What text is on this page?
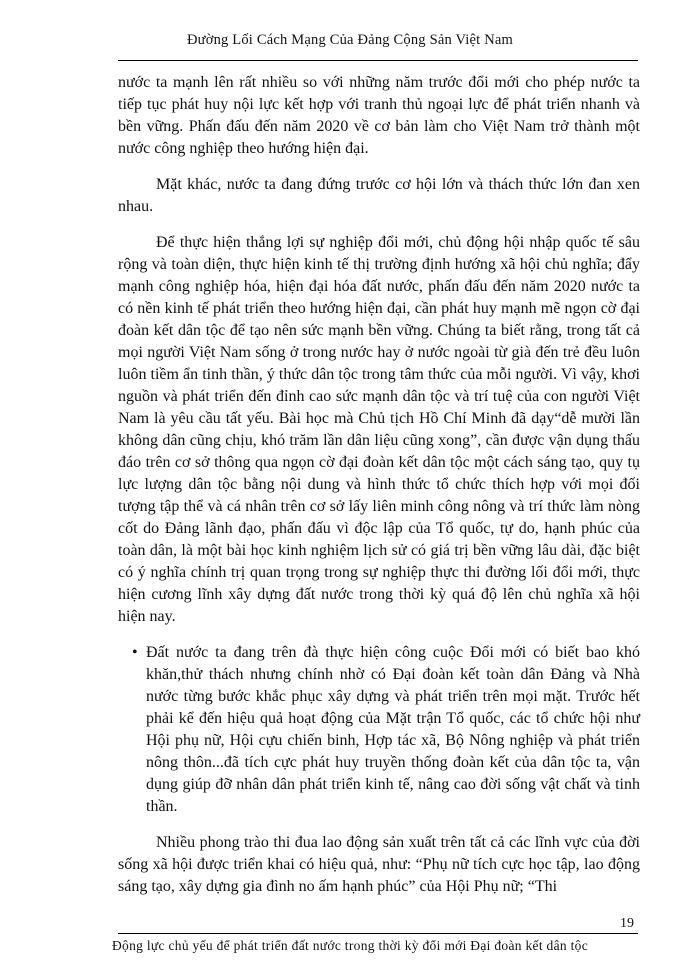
Đường Lối Cách Mạng Của Đảng Cộng Sản Việt Nam

nước ta mạnh lên rất nhiều so với những năm trước đổi mới cho phép nước ta tiếp tục phát huy nội lực kết hợp với tranh thủ ngoại lực để phát triển nhanh và bền vững. Phấn đấu đến năm 2020 về cơ bản làm cho Việt Nam trở thành một nước công nghiệp theo hướng hiện đại.

Mặt khác, nước ta đang đứng trước cơ hội lớn và thách thức lớn đan xen nhau.

Để thực hiện thắng lợi sự nghiệp đổi mới, chủ động hội nhập quốc tế sâu rộng và toàn diện, thực hiện kinh tế thị trường định hướng xã hội chủ nghĩa; đẩy mạnh công nghiệp hóa, hiện đại hóa đất nước, phấn đấu đến năm 2020 nước ta có nền kinh tế phát triển theo hướng hiện đại, cần phát huy mạnh mẽ ngọn cờ đại đoàn kết dân tộc để tạo nên sức mạnh bền vững. Chúng ta biết rằng, trong tất cả mọi người Việt Nam sống ở trong nước hay ở nước ngoài từ già đến trẻ đều luôn luôn tiềm ẩn tinh thần, ý thức dân tộc trong tâm thức của mỗi người. Vì vậy, khơi nguồn và phát triển đến đỉnh cao sức mạnh dân tộc và trí tuệ của con người Việt Nam là yêu cầu tất yếu. Bài học mà Chủ tịch Hồ Chí Minh đã dạy“dễ mười lần không dân cũng chịu, khó trăm lần dân liệu cũng xong”, cần được vận dụng thấu đáo trên cơ sở thông qua ngọn cờ đại đoàn kết dân tộc một cách sáng tạo, quy tụ lực lượng dân tộc bằng nội dung và hình thức tổ chức thích hợp với mọi đối tượng tập thể và cá nhân trên cơ sở lấy liên minh công nông và trí thức làm nòng cốt do Đảng lãnh đạo, phấn đấu vì độc lập của Tổ quốc, tự do, hạnh phúc của toàn dân, là một bài học kinh nghiệm lịch sử có giá trị bền vững lâu dài, đặc biệt có ý nghĩa chính trị quan trọng trong sự nghiệp thực thi đường lối đổi mới, thực hiện cương lĩnh xây dựng đất nước trong thời kỳ quá độ lên chủ nghĩa xã hội hiện nay.

• Đất nước ta đang trên đà thực hiện công cuộc Đổi mới có biết bao khó khăn,thử thách nhưng chính nhờ có Đại đoàn kết toàn dân Đảng và Nhà nước từng bước khắc phục xây dựng và phát triển trên mọi mặt. Trước hết phải kể đến hiệu quả hoạt động của Mặt trận Tổ quốc, các tổ chức hội như Hội phụ nữ, Hội cựu chiến binh, Hợp tác xã, Bộ Nông nghiệp và phát triển nông thôn...đã tích cực phát huy truyền thống đoàn kết của dân tộc ta, vận dụng giúp đỡ nhân dân phát triển kinh tế, nâng cao đời sống vật chất và tinh thần.

Nhiều phong trào thi đua lao động sản xuất trên tất cả các lĩnh vực của đời sống xã hội được triển khai có hiệu quả, như: “Phụ nữ tích cực học tập, lao động sáng tạo, xây dựng gia đình no ấm hạnh phúc” của Hội Phụ nữ; “Thi

19
Động lực chủ yếu để phát triển đất nước trong thời kỳ đổi mới Đại đoàn kết dân tộc
